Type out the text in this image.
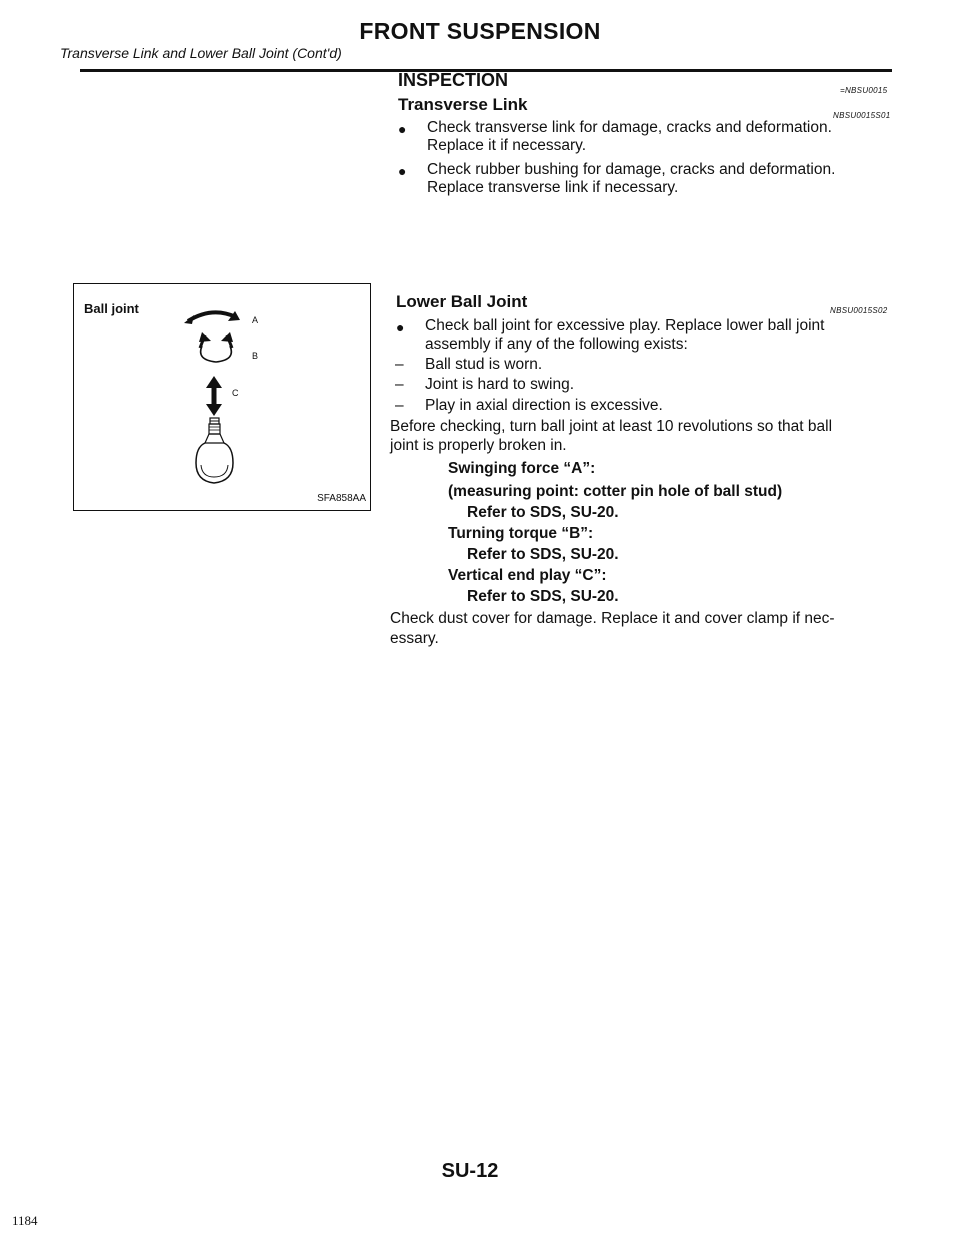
FRONT SUSPENSION
Transverse Link and Lower Ball Joint (Cont'd)
INSPECTION
=NBSU0015
Transverse Link
NBSU0015S01
● Check transverse link for damage, cracks and deformation.
Replace it if necessary.
● Check rubber bushing for damage, cracks and deformation.
Replace transverse link if necessary.
Ball joint
A
B
C
SFA858AA
Lower Ball Joint	NBSU0015S02
● Check ball joint for excessive play. Replace lower ball joint
assembly if any of the following exists:
– Ball stud is worn.
– Joint is hard to swing.
– Play in axial direction is excessive.
Before checking, turn ball joint at least 10 revolutions so that ball
joint is properly broken in.
Swinging force “A”:
(measuring point: cotter pin hole of ball stud)
Refer to SDS, SU-20.
Turning torque “B”:
Refer to SDS, SU-20.
Vertical end play “C”:
Refer to SDS, SU-20.
Check dust cover for damage. Replace it and cover clamp if nec-
essary.
SU-12
1184
